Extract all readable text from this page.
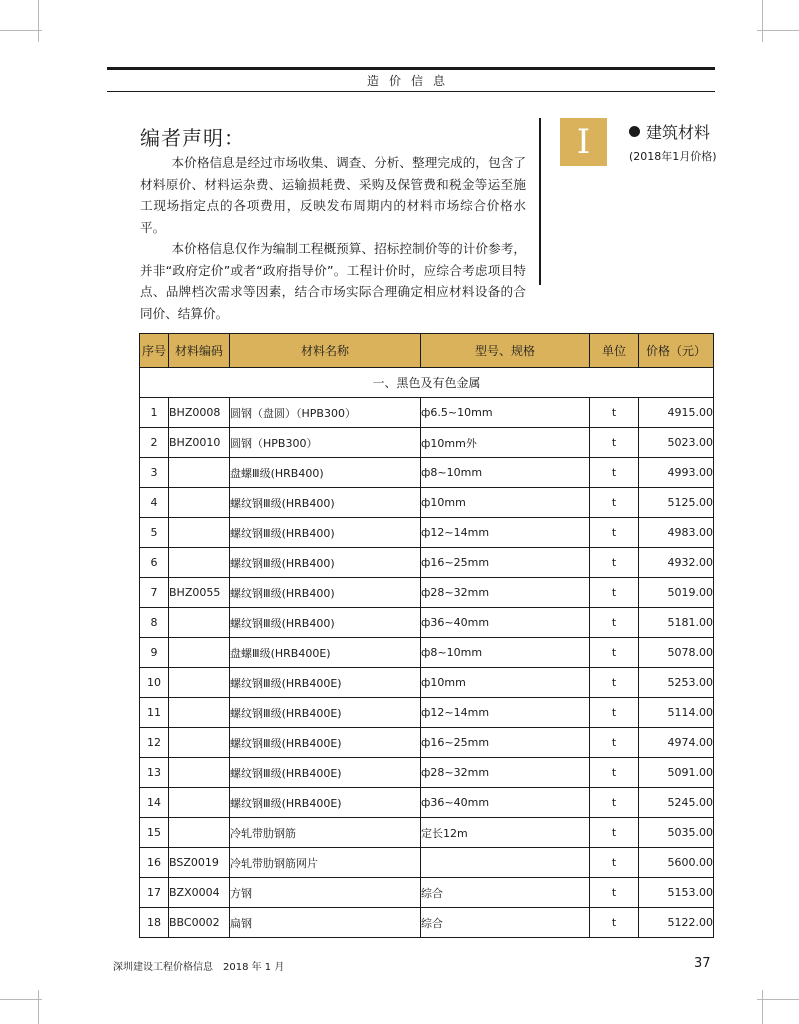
造价信息
编者声明：

本价格信息是经过市场收集、调查、分析、整理完成的，包含了材料原价、材料运杂费、运输损耗费、采购及保管费和税金等运至施工现场指定点的各项费用，反映发布周期内的材料市场综合价格水平。

本价格信息仅作为编制工程概预算、招标控制价等的计价参考，并非“政府定价”或者“政府指导价”。工程计价时，应综合考虑项目特点、品牌档次需求等因素，结合市场实际合理确定相应材料设备的合同价、结算价。

I	建筑材料
(2018年1月价格)
序号	材料编码	材料名称	型号、规格	单位	价格（元）
一、黑色及有色金属					
1	BHZ0008	圆钢（盘圆）（HPB300）	ф6.5~10mm	t	4915.00
2	BHZ0010	圆钢（HPB300）	ф10mm外	t	5023.00
3		盘螺Ⅲ级(HRB400)	ф8~10mm	t	4993.00
4		螺纹钢Ⅲ级(HRB400)	ф10mm	t	5125.00
5		螺纹钢Ⅲ级(HRB400)	ф12~14mm	t	4983.00
6		螺纹钢Ⅲ级(HRB400)	ф16~25mm	t	4932.00
7	BHZ0055	螺纹钢Ⅲ级(HRB400)	ф28~32mm	t	5019.00
8		螺纹钢Ⅲ级(HRB400)	ф36~40mm	t	5181.00
9		盘螺Ⅲ级(HRB400E)	ф8~10mm	t	5078.00
10		螺纹钢Ⅲ级(HRB400E)	ф10mm	t	5253.00
11		螺纹钢Ⅲ级(HRB400E)	ф12~14mm	t	5114.00
12		螺纹钢Ⅲ级(HRB400E)	ф16~25mm	t	4974.00
13		螺纹钢Ⅲ级(HRB400E)	ф28~32mm	t	5091.00
14		螺纹钢Ⅲ级(HRB400E)	ф36~40mm	t	5245.00
15		冷轧带肋钢筋	定长12m	t	5035.00
16	BSZ0019	冷轧带肋钢筋网片		t	5600.00
17	BZX0004	方钢	综合	t	5153.00
18	BBC0002	扁钢	综合	t	5122.00
深圳建设工程价格信息　2018 年 1 月	37
